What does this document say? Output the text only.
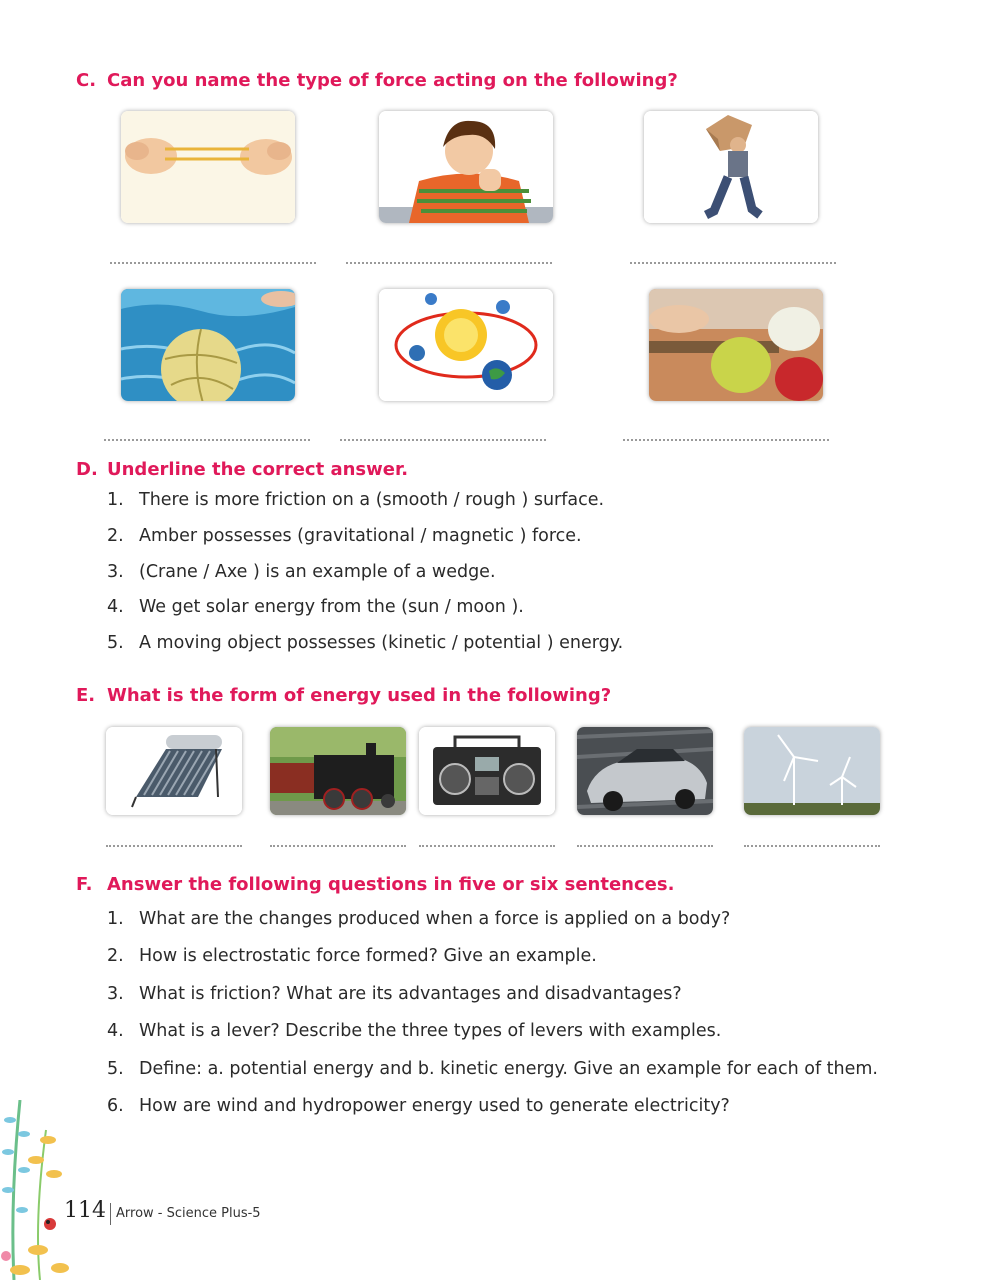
C. Can you name the type of force acting on the following?
D. Underline the correct answer.
1. There is more friction on a (smooth / rough ) surface.
2. Amber possesses (gravitational / magnetic ) force.
3. (Crane / Axe ) is an example of a wedge.
4. We get solar energy from the (sun / moon ).
5. A moving object possesses (kinetic / potential ) energy.
E. What is the form of energy used in the following?
F. Answer the following questions in five or six sentences.
1. What are the changes produced when a force is applied on a body?
2. How is electrostatic force formed? Give an example.
3. What is friction? What are its advantages and disadvantages?
4. What is a lever? Describe the three types of levers with examples.
5. Define: a. potential energy and b. kinetic energy. Give an example for each of them.
6. How are wind and hydropower energy used to generate electricity?
114 Arrow - Science Plus-5
